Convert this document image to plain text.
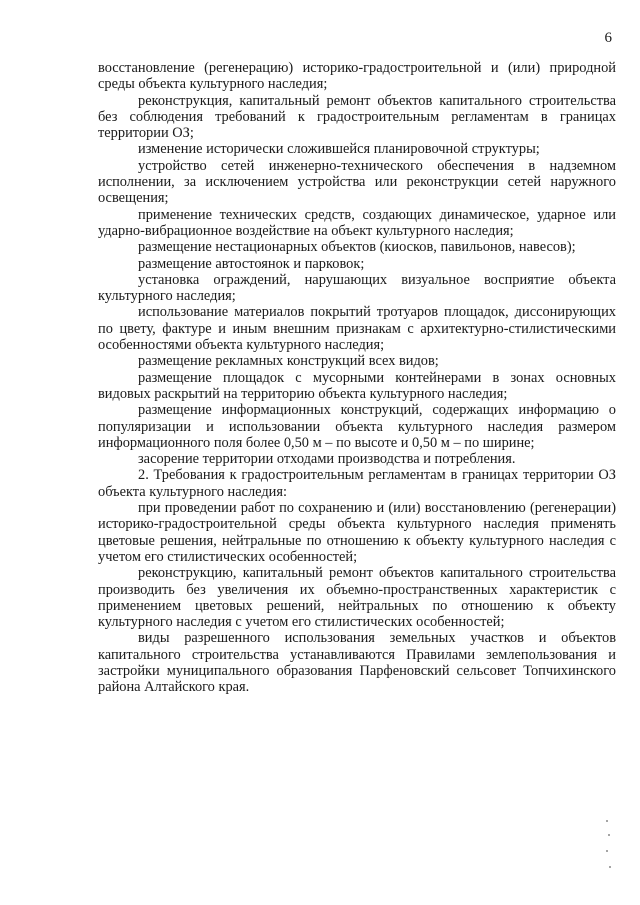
6

восстановление (регенерацию) историко-градостроительной и (или) природной среды объекта культурного наследия;

реконструкция, капитальный ремонт объектов капитального строительства без соблюдения требований к градостроительным регламентам в границах территории ОЗ;

изменение исторически сложившейся планировочной структуры;

устройство сетей инженерно-технического обеспечения в надземном исполнении, за исключением устройства или реконструкции сетей наружного освещения;

применение технических средств, создающих динамическое, ударное или ударно-вибрационное воздействие на объект культурного наследия;

размещение нестационарных объектов (киосков, павильонов, навесов);

размещение автостоянок и парковок;

установка ограждений, нарушающих визуальное восприятие объекта культурного наследия;

использование материалов покрытий тротуаров площадок, диссонирующих по цвету, фактуре и иным внешним признакам с архитектурно-стилистическими особенностями объекта культурного наследия;

размещение рекламных конструкций всех видов;

размещение площадок с мусорными контейнерами в зонах основных видовых раскрытий на территорию объекта культурного наследия;

размещение информационных конструкций, содержащих информацию о популяризации и использовании объекта культурного наследия размером информационного поля более 0,50 м – по высоте и 0,50 м – по ширине;

засорение территории отходами производства и потребления.

2. Требования к градостроительным регламентам в границах территории ОЗ объекта культурного наследия:

при проведении работ по сохранению и (или) восстановлению (регенерации) историко-градостроительной среды объекта культурного наследия применять цветовые решения, нейтральные по отношению к объекту культурного наследия с учетом его стилистических особенностей;

реконструкцию, капитальный ремонт объектов капитального строительства производить без увеличения их объемно-пространственных характеристик с применением цветовых решений, нейтральных по отношению к объекту культурного наследия с учетом его стилистических особенностей;

виды разрешенного использования земельных участков и объектов капитального строительства устанавливаются Правилами землепользования и застройки муниципального образования Парфеновский сельсовет Топчихинского района Алтайского края.
